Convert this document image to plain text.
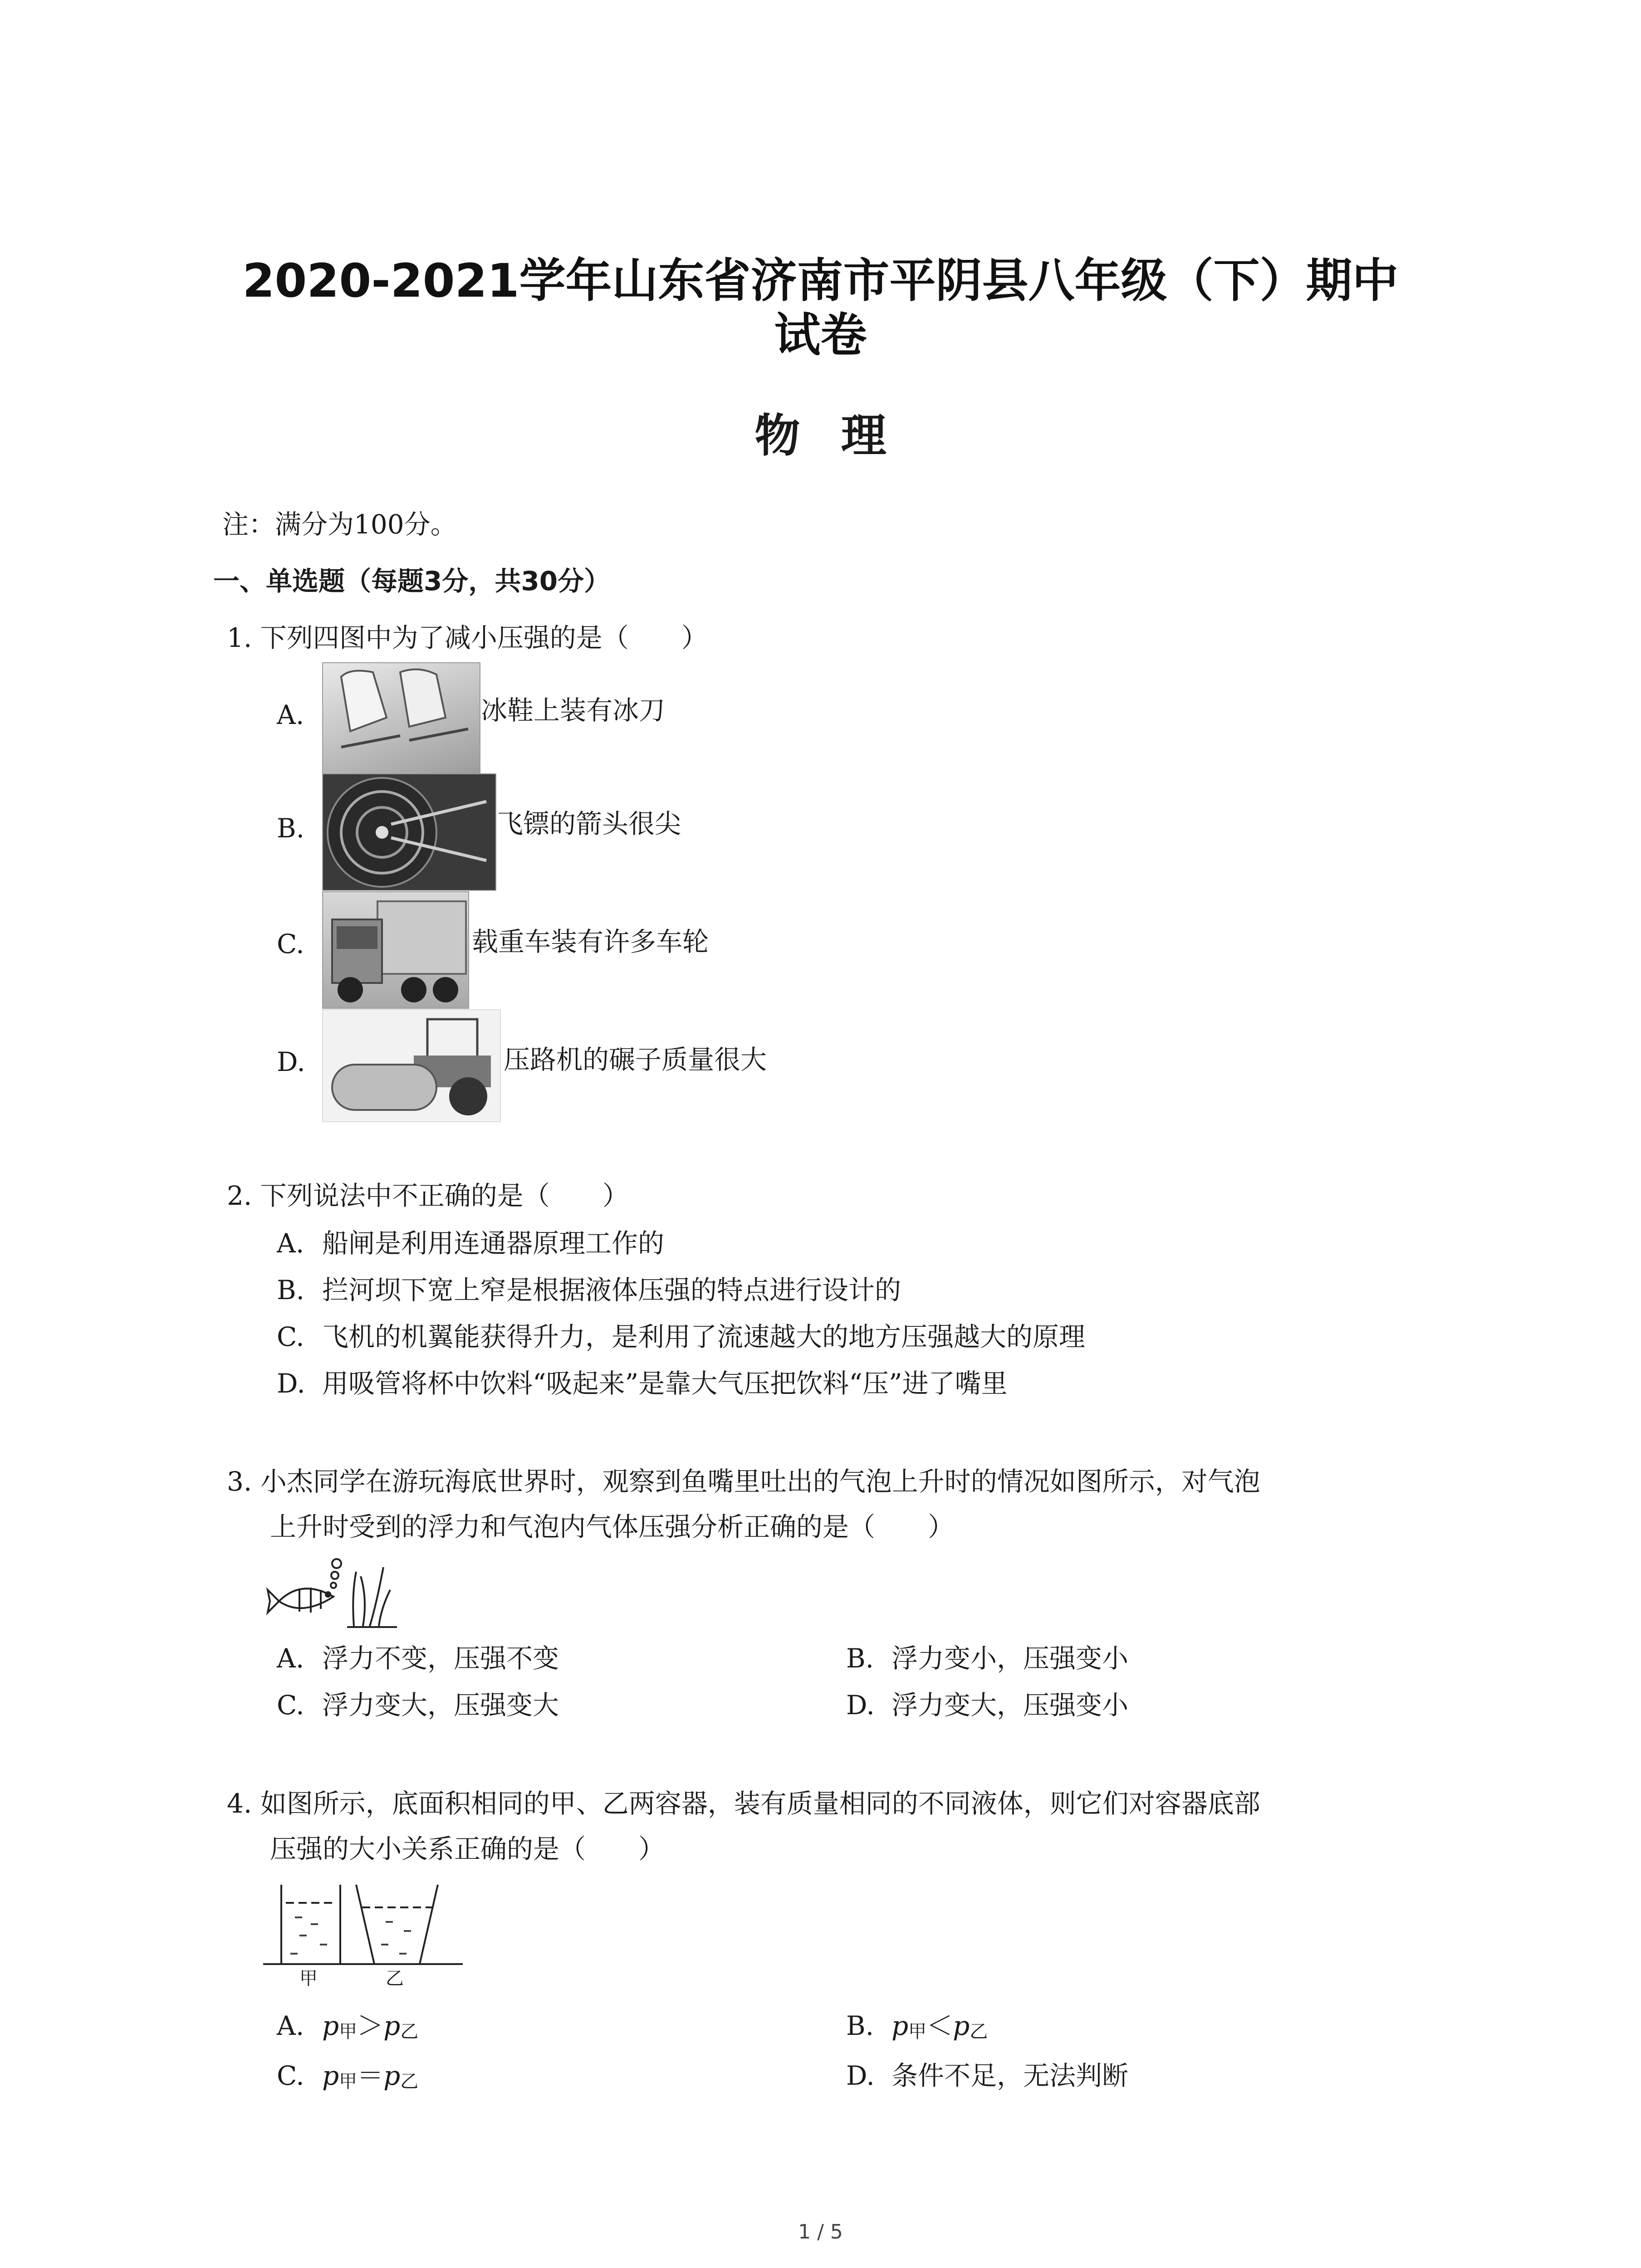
2020-2021学年山东省济南市平阴县八年级（下）期中
试卷
物理
注：满分为100分。
一、单选题（每题3分，共30分）
1. 下列四图中为了减小压强的是（　　）
A.	冰鞋上装有冰刀
B.	飞镖的箭头很尖
C.	载重车装有许多车轮
D.	压路机的碾子质量很大
2. 下列说法中不正确的是（　　）
A. 船闸是利用连通器原理工作的
B. 拦河坝下宽上窄是根据液体压强的特点进行设计的
C. 飞机的机翼能获得升力，是利用了流速越大的地方压强越大的原理
D. 用吸管将杯中饮料“吸起来”是靠大气压把饮料“压”进了嘴里
3. 小杰同学在游玩海底世界时，观察到鱼嘴里吐出的气泡上升时的情况如图所示，对气泡
上升时受到的浮力和气泡内气体压强分析正确的是（　　）
A. 浮力不变，压强不变	B. 浮力变小，压强变小
C. 浮力变大，压强变大	D. 浮力变大，压强变小
4. 如图所示，底面积相同的甲、乙两容器，装有质量相同的不同液体，则它们对容器底部
压强的大小关系正确的是（　　）
甲	乙
A. $p_甲>p_乙$	B. $p_甲<p_乙$
C. $p_甲=p_乙$	D. 条件不足，无法判断
1 / 5
